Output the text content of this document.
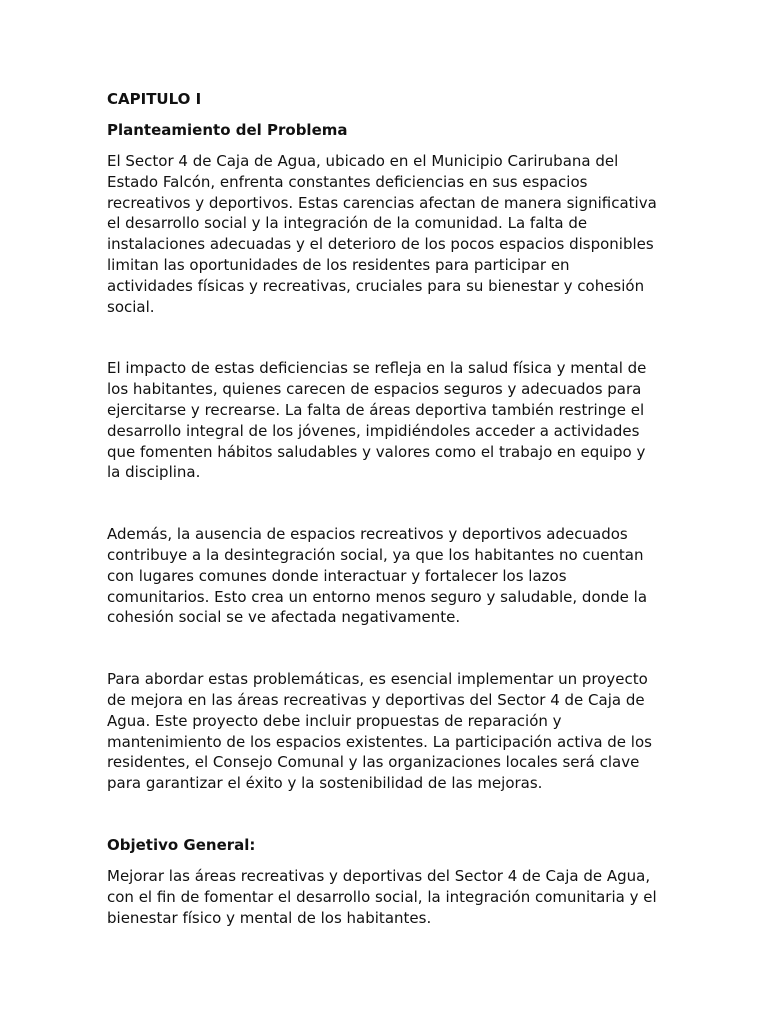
CAPITULO I
Planteamiento del Problema

El Sector 4 de Caja de Agua, ubicado en el Municipio Carirubana del
Estado Falcón, enfrenta constantes deficiencias en sus espacios
recreativos y deportivos. Estas carencias afectan de manera significativa
el desarrollo social y la integración de la comunidad. La falta de
instalaciones adecuadas y el deterioro de los pocos espacios disponibles
limitan las oportunidades de los residentes para participar en
actividades físicas y recreativas, cruciales para su bienestar y cohesión
social.

El impacto de estas deficiencias se refleja en la salud física y mental de
los habitantes, quienes carecen de espacios seguros y adecuados para
ejercitarse y recrearse. La falta de áreas deportiva también restringe el
desarrollo integral de los jóvenes, impidiéndoles acceder a actividades
que fomenten hábitos saludables y valores como el trabajo en equipo y
la disciplina.

Además, la ausencia de espacios recreativos y deportivos adecuados
contribuye a la desintegración social, ya que los habitantes no cuentan
con lugares comunes donde interactuar y fortalecer los lazos
comunitarios. Esto crea un entorno menos seguro y saludable, donde la
cohesión social se ve afectada negativamente.

Para abordar estas problemáticas, es esencial implementar un proyecto
de mejora en las áreas recreativas y deportivas del Sector 4 de Caja de
Agua. Este proyecto debe incluir propuestas de reparación y
mantenimiento de los espacios existentes. La participación activa de los
residentes, el Consejo Comunal y las organizaciones locales será clave
para garantizar el éxito y la sostenibilidad de las mejoras.

Objetivo General:

Mejorar las áreas recreativas y deportivas del Sector 4 de Caja de Agua,
con el fin de fomentar el desarrollo social, la integración comunitaria y el
bienestar físico y mental de los habitantes.
